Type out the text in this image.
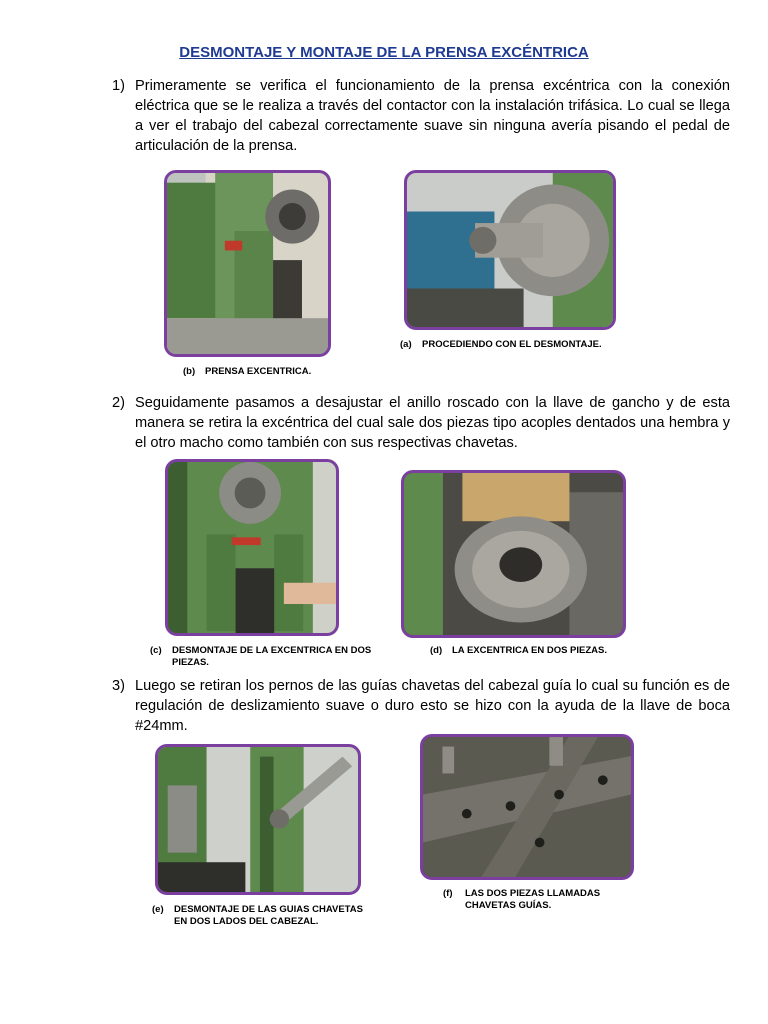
DESMONTAJE Y MONTAJE DE LA PRENSA EXCÉNTRICA
1) Primeramente se verifica el funcionamiento de la prensa excéntrica con la conexión eléctrica que se le realiza a través del contactor con la instalación trifásica. Lo cual se llega a ver el trabajo del cabezal correctamente suave sin ninguna avería pisando el pedal de articulación de la prensa.
(b) PRENSA EXCENTRICA.
(a) PROCEDIENDO CON EL DESMONTAJE.
2) Seguidamente pasamos a desajustar el anillo roscado con la llave de gancho y de esta manera se retira la excéntrica del cual sale dos piezas tipo acoples dentados una hembra y el otro macho como también con sus respectivas chavetas.
(c) DESMONTAJE DE LA EXCENTRICA EN DOS
PIEZAS.
(d) LA EXCENTRICA EN DOS PIEZAS.
3) Luego se retiran los pernos de las guías chavetas del cabezal guía lo cual su función es de regulación de deslizamiento suave o duro esto se hizo con la ayuda de la llave de boca #24mm.
(e) DESMONTAJE DE LAS GUIAS CHAVETAS
EN DOS LADOS DEL CABEZAL.
(f) LAS DOS PIEZAS LLAMADAS
CHAVETAS GUÍAS.
